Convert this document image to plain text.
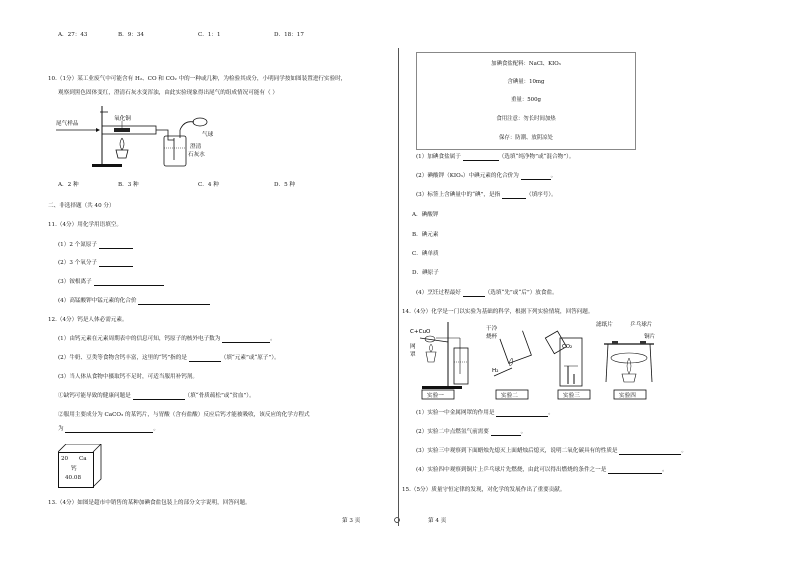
A．27：43	B．9：34	C．1：1	D．18：17
10.（1分）某工业废气中可能含有 H₂、CO 和 CO₂ 中的一种或几种，为检验其成分，小明同学按如图装置进行实验时，
观察到黑色固体变红，澄清石灰水变浑浊，由此实验现象得出尾气的组成情况可能有（ ）
尾气样品
氧化铜
澄清
石灰水
气球
A．2 种	B．3 种	C．4 种	D．5 种
二、非选择题（共 40 分）
11.（4分）用化学用语填空。
(1）2 个氮原子
(2）3 个氧分子
(3）铵根离子
(4）高锰酸钾中锰元素的化合价
12.（4分）钙是人体必需元素。
(1）由钙元素在元素周期表中的信息可知，钙原子的核外电子数为	。
(2）牛奶、豆类等食物含钙丰富，这里的“钙”指的是	（填“元素”或“原子”）。
(3）当人体从食物中摄取钙不足时，可适当服用补钙剂。
①缺钙可能导致的健康问题是	（填“骨质疏松”或“贫血”）。
②服用主要成分为 CaCO₃ 的某钙片，与胃酸（含有盐酸）反应后钙才能被吸收，该反应的化学方程式
为	。
20 Ca
钙
40.08
13.（4分）如图是超市中销售的某种加碘食盐包装上的部分文字说明，回答问题。
第 3 页	第 4 页
加碘食盐配料：NaCl、KIO₃
含碘量：10mg
重量：500g
食用注意：勿长时间加热
保存：防潮、放阴凉处
(1）加碘食盐属于	（选填“纯净物”或“混合物”）。
(2）碘酸钾（KIO₃）中碘元素的化合价为	。
(3）标签上含碘量中的“碘”，是指	（填序号）。
A．碘酸钾
B．碘元素
C．碘单质
D．碘原子
(4）烹饪过程最好	（选填“先”或“后”）放食盐。
14.（4分）化学是一门以实验为基础的科学，根据下列实验情境，回答问题。
C+CuO
网
罩
实验一
干冷
烧杯
H₂
实验二
CO₂
实验三
滤纸片	乒乓球片
铜片
实验四
(1）实验一中金属网罩的作用是	。
(2）实验二中点燃氢气前需要	。
(3）实验三中观察到下面蜡烛先熄灭上面蜡烛后熄灭，说明二氧化碳具有的性质是	。
(4）实验四中观察到铜片上乒乓球片先燃烧，由此可以得出燃烧的条件之一是	。
15.（5分）质量守恒定律的发现，对化学的发展作出了重要贡献。
